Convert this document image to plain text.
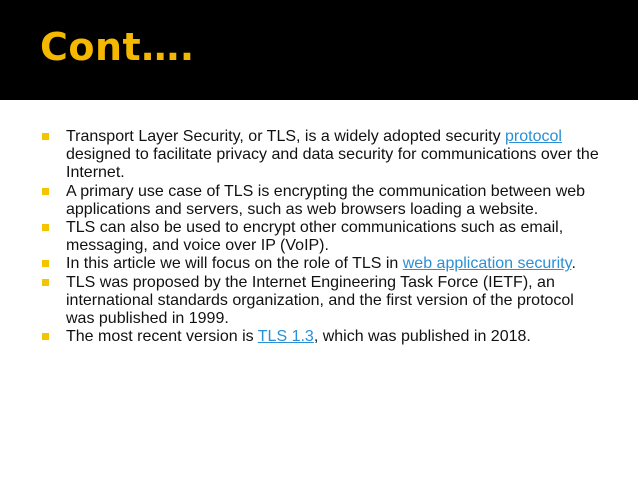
Cont….
Transport Layer Security, or TLS, is a widely adopted security protocol designed to facilitate privacy and data security for communications over the Internet.
A primary use case of TLS is encrypting the communication between web applications and servers, such as web browsers loading a website.
TLS can also be used to encrypt other communications such as email, messaging, and voice over IP (VoIP).
In this article we will focus on the role of TLS in web application security.
TLS was proposed by the Internet Engineering Task Force (IETF), an international standards organization, and the first version of the protocol was published in 1999.
The most recent version is TLS 1.3, which was published in 2018.
